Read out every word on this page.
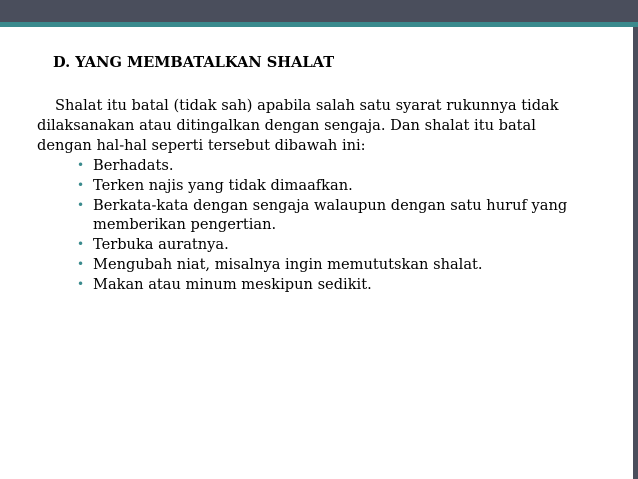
D. YANG MEMBATALKAN SHALAT

Shalat itu batal (tidak sah) apabila salah satu syarat rukunnya tidak
dilaksanakan atau ditingalkan dengan sengaja. Dan shalat itu batal
dengan hal-hal seperti tersebut dibawah ini:

• Berhadats.
• Terken najis yang tidak dimaafkan.
• Berkata-kata dengan sengaja walaupun dengan satu huruf yang memberikan pengertian.
• Terbuka auratnya.
• Mengubah niat, misalnya ingin memututskan shalat.
• Makan atau minum meskipun sedikit.
